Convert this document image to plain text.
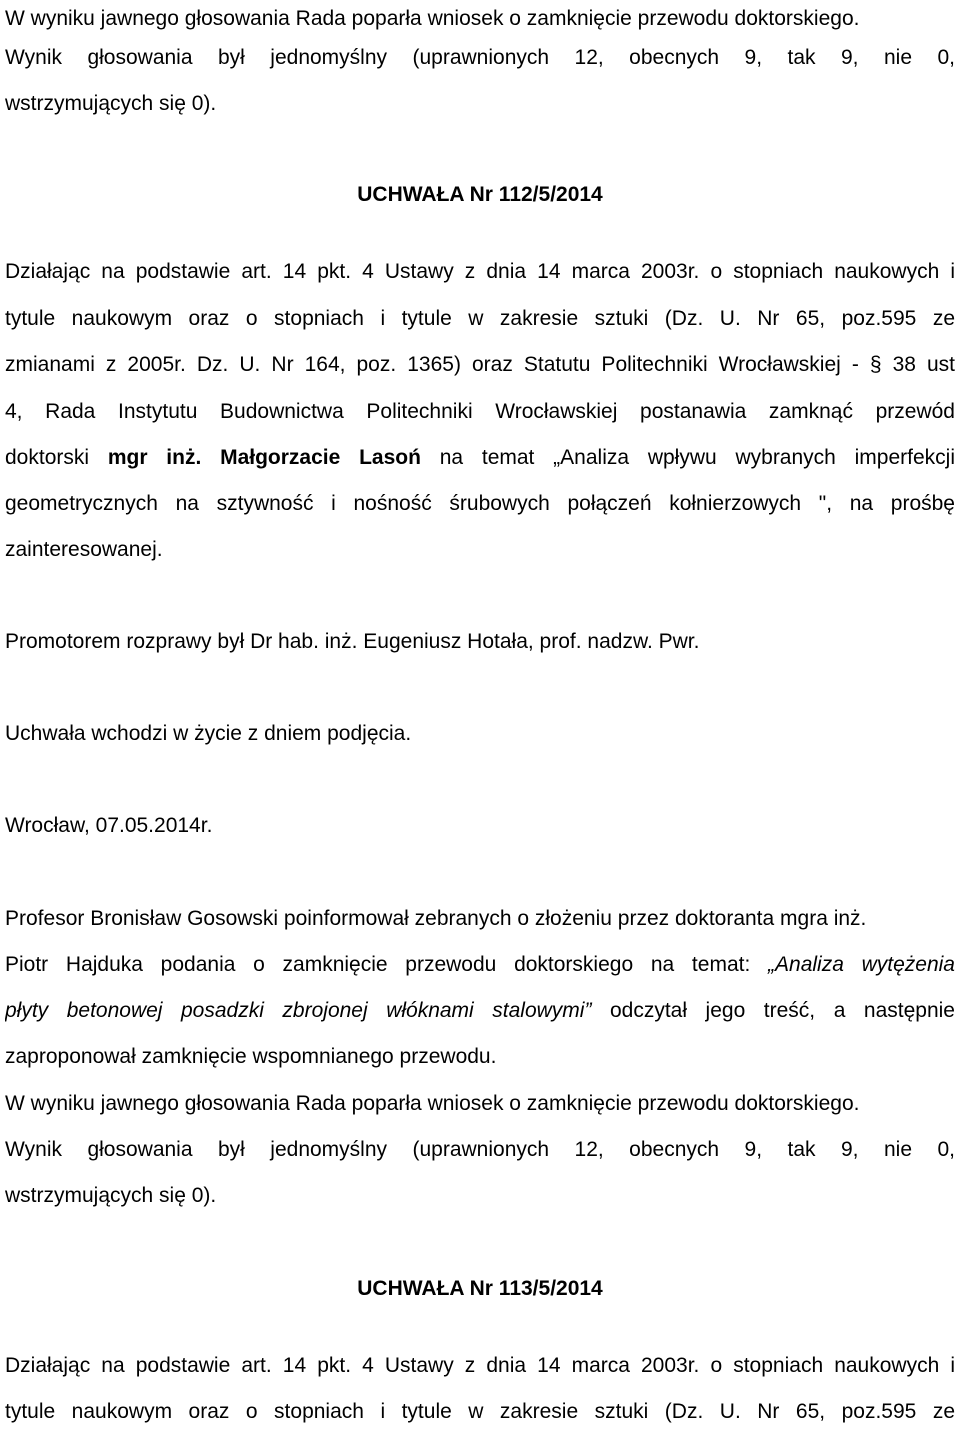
W wyniku jawnego głosowania Rada poparła wniosek o zamknięcie przewodu doktorskiego.
Wynik głosowania był jednomyślny (uprawnionych 12, obecnych 9, tak 9, nie 0,
wstrzymujących się 0).
UCHWAŁA Nr 112/5/2014
Działając na podstawie art. 14 pkt. 4 Ustawy z dnia 14 marca 2003r. o stopniach naukowych i
tytule naukowym oraz o stopniach i tytule w zakresie sztuki (Dz. U. Nr 65, poz.595 ze
zmianami z 2005r. Dz. U. Nr 164, poz. 1365) oraz Statutu Politechniki Wrocławskiej - § 38 ust
4, Rada Instytutu Budownictwa Politechniki Wrocławskiej postanawia zamknąć przewód
doktorski mgr inż. Małgorzacie Lasoń na temat „Analiza wpływu wybranych imperfekcji
geometrycznych na sztywność i nośność śrubowych połączeń kołnierzowych ", na prośbę
zainteresowanej.
Promotorem rozprawy był Dr hab. inż. Eugeniusz Hotała, prof. nadzw. Pwr.
Uchwała wchodzi w życie z dniem podjęcia.
Wrocław, 07.05.2014r.
Profesor Bronisław Gosowski poinformował zebranych o złożeniu przez doktoranta mgra inż.
Piotr Hajduka podania o zamknięcie przewodu doktorskiego na temat: „Analiza wytężenia
płyty betonowej posadzki zbrojonej włóknami stalowymi” odczytał jego treść, a następnie
zaproponował zamknięcie wspomnianego przewodu.
W wyniku jawnego głosowania Rada poparła wniosek o zamknięcie przewodu doktorskiego.
Wynik głosowania był jednomyślny (uprawnionych 12, obecnych 9, tak 9, nie 0,
wstrzymujących się 0).
UCHWAŁA Nr 113/5/2014
Działając na podstawie art. 14 pkt. 4 Ustawy z dnia 14 marca 2003r. o stopniach naukowych i
tytule naukowym oraz o stopniach i tytule w zakresie sztuki (Dz. U. Nr 65, poz.595 ze
